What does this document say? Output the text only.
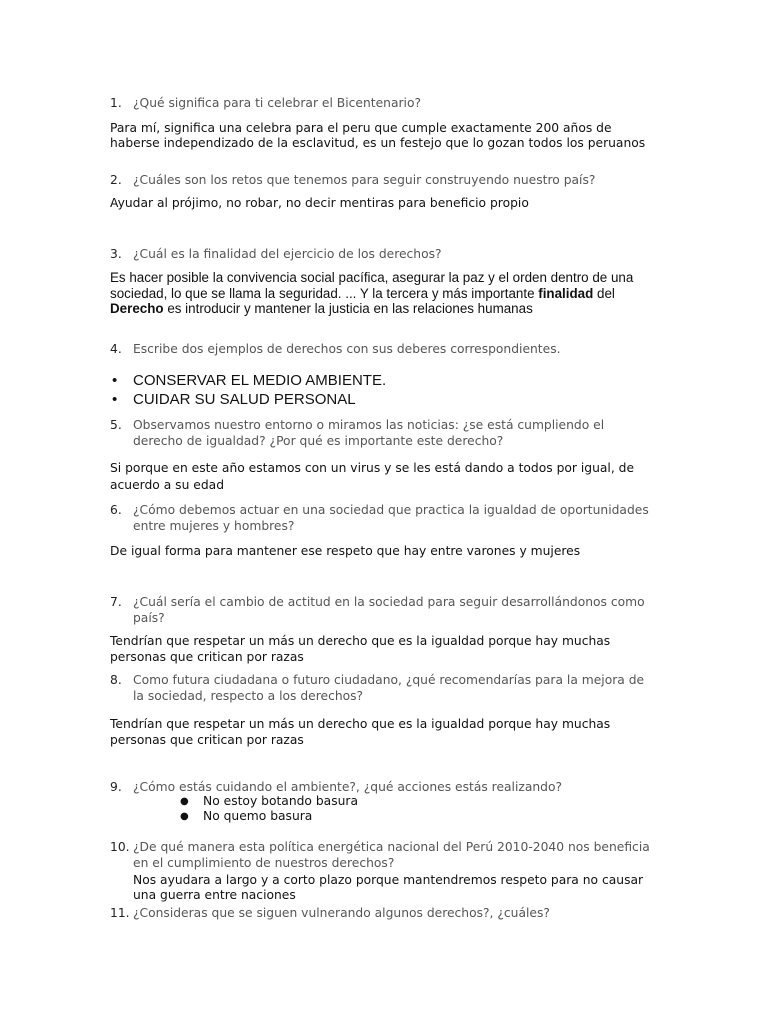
1. ¿Qué significa para ti celebrar el Bicentenario?
Para mí, significa una celebra para el peru que cumple exactamente 200 años de haberse independizado de la esclavitud, es un festejo que lo gozan todos los peruanos
2. ¿Cuáles son los retos que tenemos para seguir construyendo nuestro país?
Ayudar al prójimo, no robar, no decir mentiras para beneficio propio
3. ¿Cuál es la finalidad del ejercicio de los derechos?
Es hacer posible la convivencia social pacífica, asegurar la paz y el orden dentro de una sociedad, lo que se llama la seguridad. ... Y la tercera y más importante finalidad del Derecho es introducir y mantener la justicia en las relaciones humanas
4. Escribe dos ejemplos de derechos con sus deberes correspondientes.
• CONSERVAR EL MEDIO AMBIENTE.
• CUIDAR SU SALUD PERSONAL
5. Observamos nuestro entorno o miramos las noticias: ¿se está cumpliendo el derecho de igualdad? ¿Por qué es importante este derecho?
Si porque en este año estamos con un virus y se les está dando a todos por igual, de acuerdo a su edad
6. ¿Cómo debemos actuar en una sociedad que practica la igualdad de oportunidades entre mujeres y hombres?
De igual forma para mantener ese respeto que hay entre varones y mujeres
7. ¿Cuál sería el cambio de actitud en la sociedad para seguir desarrollándonos como país?
Tendrían que respetar un más un derecho que es la igualdad porque hay muchas personas que critican por razas
8. Como futura ciudadana o futuro ciudadano, ¿qué recomendarías para la mejora de la sociedad, respecto a los derechos?
Tendrían que respetar un más un derecho que es la igualdad porque hay muchas personas que critican por razas
9. ¿Cómo estás cuidando el ambiente?, ¿qué acciones estás realizando?
● No estoy botando basura
● No quemo basura
10. ¿De qué manera esta política energética nacional del Perú 2010-2040 nos beneficia en el cumplimiento de nuestros derechos?
Nos ayudara a largo y a corto plazo porque mantendremos respeto para no causar una guerra entre naciones
11. ¿Consideras que se siguen vulnerando algunos derechos?, ¿cuáles?
